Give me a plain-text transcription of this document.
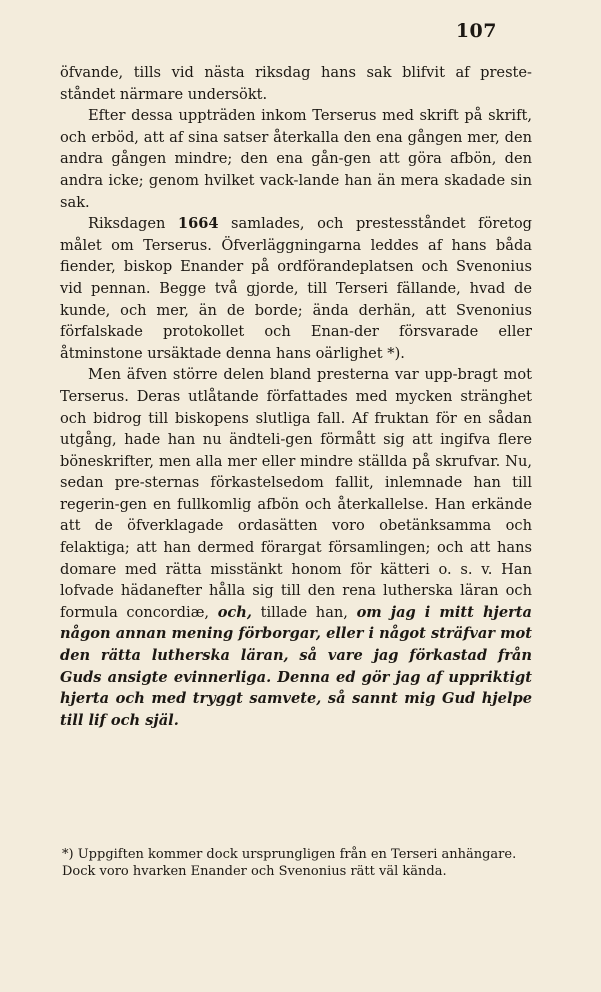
107

öfvande, tills vid nästa riksdag hans sak blifvit af preste-ståndet närmare undersökt.

Efter dessa uppträden inkom Terserus med skrift på skrift, och erböd, att af sina satser återkalla den ena gången mer, den andra gången mindre; den ena gån-gen att göra afbön, den andra icke; genom hvilket vack-lande han än mera skadade sin sak.

Riksdagen 1664 samlades, och prestesståndet företog målet om Terserus. Öfverläggningarna leddes af hans båda fiender, biskop Enander på ordförandeplatsen och Svenonius vid pennan. Begge två gjorde, till Terseri fällande, hvad de kunde, och mer, än de borde; ända derhän, att Svenonius förfalskade protokollet och Enan-der försvarade eller åtminstone ursäktade denna hans oärlighet *).

Men äfven större delen bland presterna var upp-bragt mot Terserus. Deras utlåtande författades med mycken stränghet och bidrog till biskopens slutliga fall. Af fruktan för en sådan utgång, hade han nu ändteli-gen förmått sig att ingifva flere böneskrifter, men alla mer eller mindre ställda på skrufvar. Nu, sedan pre-sternas förkastelsedom fallit, inlemnade han till regerin-gen en fullkomlig afbön och återkallelse. Han erkände att de öfverklagade ordasätten voro obetänksamma och felaktiga; att han dermed förargat församlingen; och att hans domare med rätta misstänkt honom för kätteri o. s. v. Han lofvade hädanefter hålla sig till den rena lutherska läran och formula concordiæ, och, tillade han, om jag i mitt hjerta någon annan mening förborgar, eller i något sträfvar mot den rätta lutherska läran, så vare jag förkastad från Guds ansigte evinnerliga. Denna ed gör jag af uppriktigt hjerta och med tryggt samvete, så sannt mig Gud hjelpe till lif och själ.

*) Uppgiften kommer dock ursprungligen från en Terseri anhängare. Dock voro hvarken Enander och Svenonius rätt väl kända.
